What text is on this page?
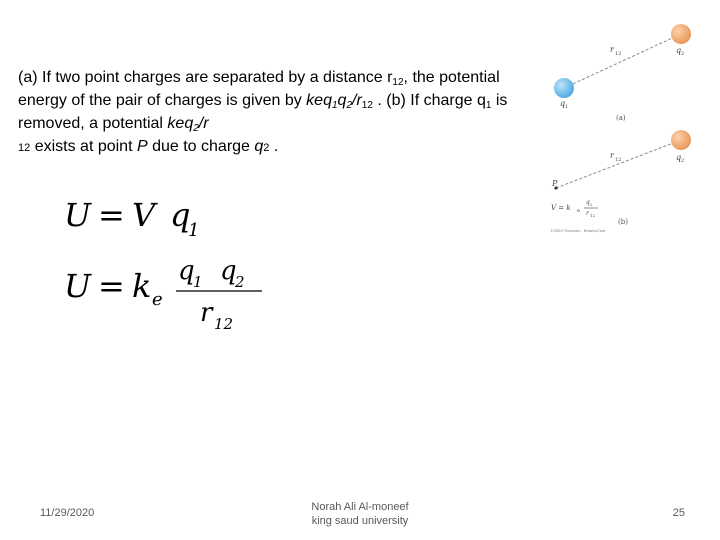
(a) If two point charges are separated by a distance $r_{12}$, the potential energy of the pair of charges is given by $keq_1q_2/r_{12}$ . (b) If charge $q_1$ is removed, a potential keq$_2$/r
12 exists at point P due to charge q2 .
U = V q
1
U = k e
q
1 q
2
r 12
r 12	q 2
q 1
(a)
r 12	q 2
P
V = k e
q 2
r 12
(b)
©2004 Thomson - Brooks/Cole
11/29/2020	Norah Ali Al-moneef
king saud university
25
